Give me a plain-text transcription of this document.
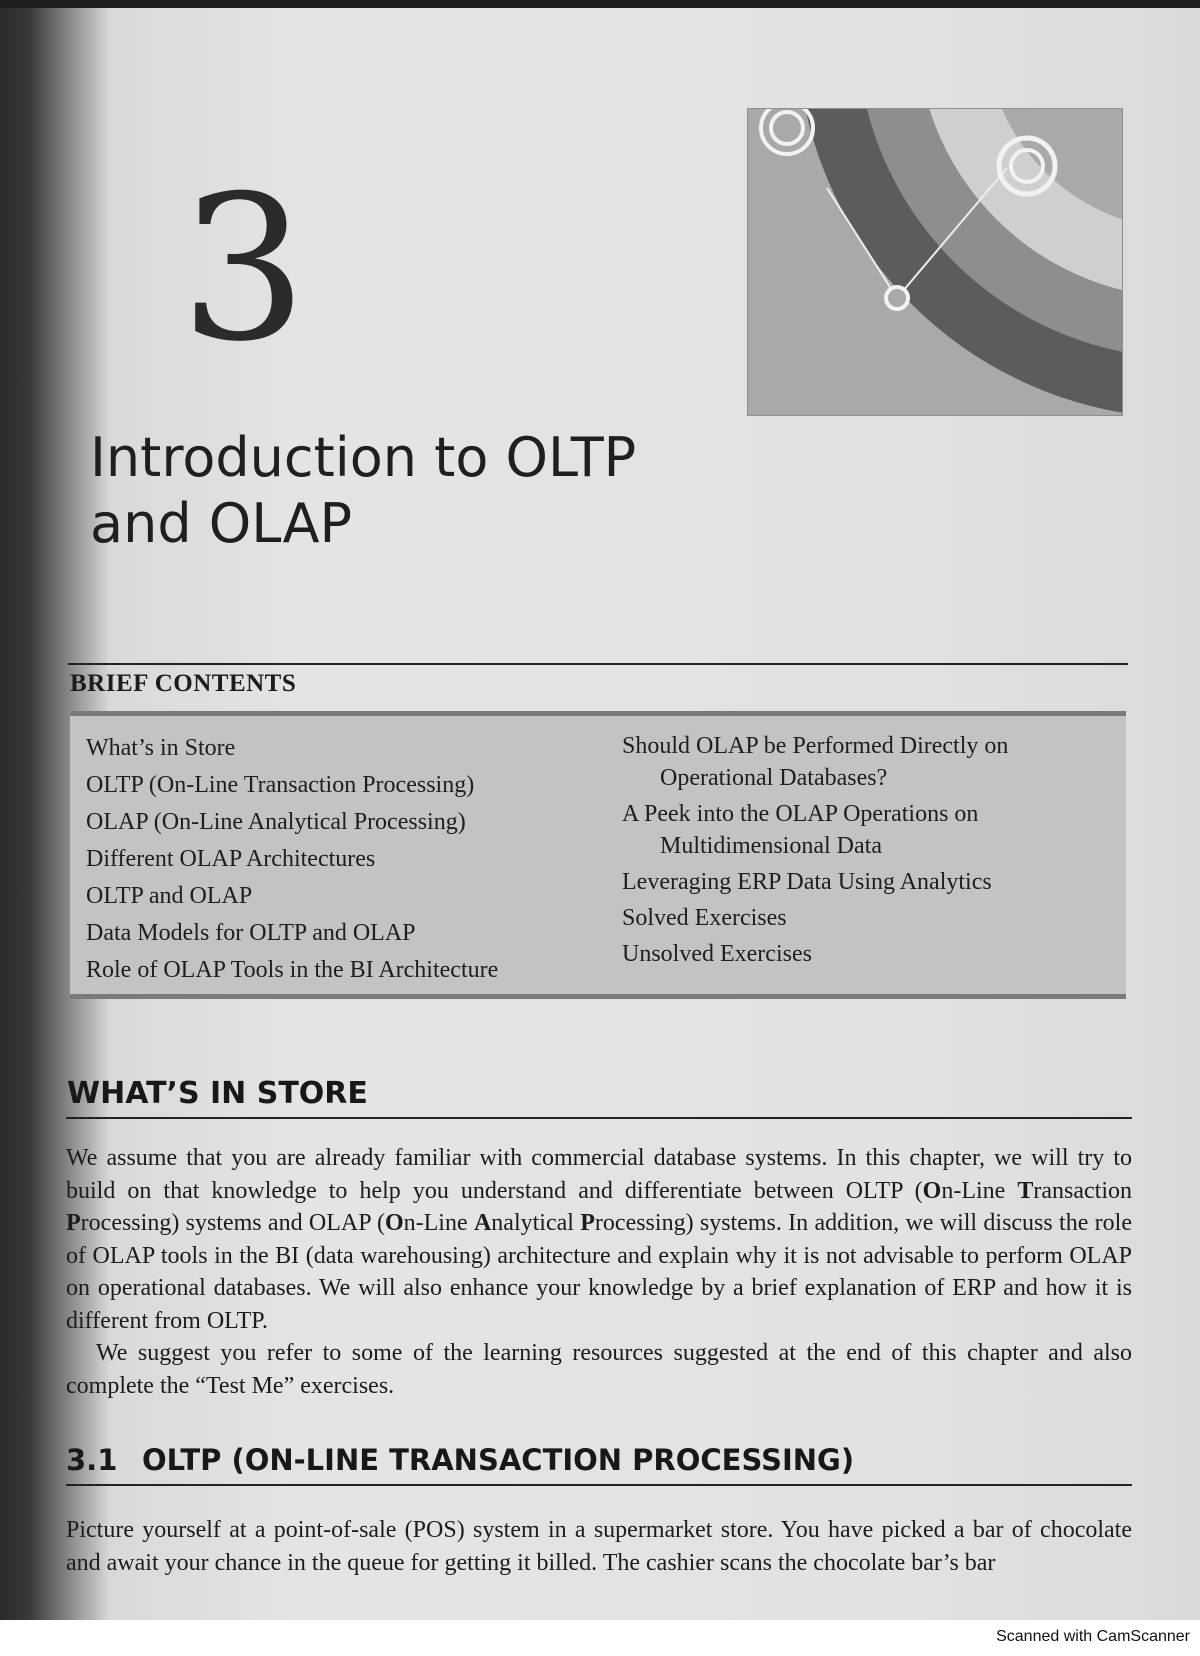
3
Introduction to OLTP
and OLAP
BRIEF CONTENTS
What’s in Store
OLTP (On-Line Transaction Processing)
OLAP (On-Line Analytical Processing)
Different OLAP Architectures
OLTP and OLAP
Data Models for OLTP and OLAP
Role of OLAP Tools in the BI Architecture
Should OLAP be Performed Directly on
Operational Databases?
A Peek into the OLAP Operations on
Multidimensional Data
Leveraging ERP Data Using Analytics
Solved Exercises
Unsolved Exercises
WHAT’S IN STORE

We assume that you are already familiar with commercial database systems. In this chapter, we will try to build on that knowledge to help you understand and differentiate between OLTP (On-Line Transaction Processing) systems and OLAP (On-Line Analytical Processing) systems. In addition, we will discuss the role of OLAP tools in the BI (data warehousing) architecture and explain why it is not advisable to perform OLAP on operational databases. We will also enhance your knowledge by a brief explanation of ERP and how it is different from OLTP.

We suggest you refer to some of the learning resources suggested at the end of this chapter and also complete the “Test Me” exercises.

3.1 OLTP (ON-LINE TRANSACTION PROCESSING)

Picture yourself at a point-of-sale (POS) system in a supermarket store. You have picked a bar of chocolate and await your chance in the queue for getting it billed. The cashier scans the chocolate bar’s bar

Scanned with CamScanner
